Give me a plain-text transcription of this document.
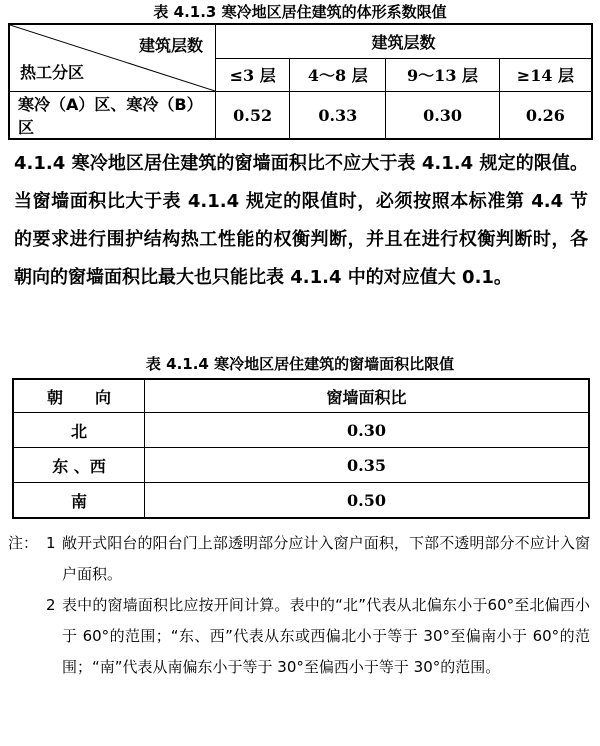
表 4.1.3 寒冷地区居住建筑的体形系数限值
建筑层数
热工分区	建筑层数			
	≤3 层	4～8 层	9～13 层	≥14 层
寒冷（A）区、寒冷（B）区	0.52	0.33	0.30	0.26
4.1.4 寒冷地区居住建筑的窗墙面积比不应大于表 4.1.4 规定的限值。当窗墙面积比大于表 4.1.4 规定的限值时，必须按照本标准第 4.4 节的要求进行围护结构热工性能的权衡判断，并且在进行权衡判断时，各朝向的窗墙面积比最大也只能比表 4.1.4 中的对应值大 0.1。
表 4.1.4 寒冷地区居住建筑的窗墙面积比限值
朝　　向	窗墙面积比
北	0.30
东 、西	0.35
南	0.50
注： 1 敞开式阳台的阳台门上部透明部分应计入窗户面积，下部不透明部分不应计入窗户面积。
2 表中的窗墙面积比应按开间计算。表中的“北”代表从北偏东小于60°至北偏西小于 60°的范围；“东、西”代表从东或西偏北小于等于 30°至偏南小于 60°的范围；“南”代表从南偏东小于等于 30°至偏西小于等于 30°的范围。
